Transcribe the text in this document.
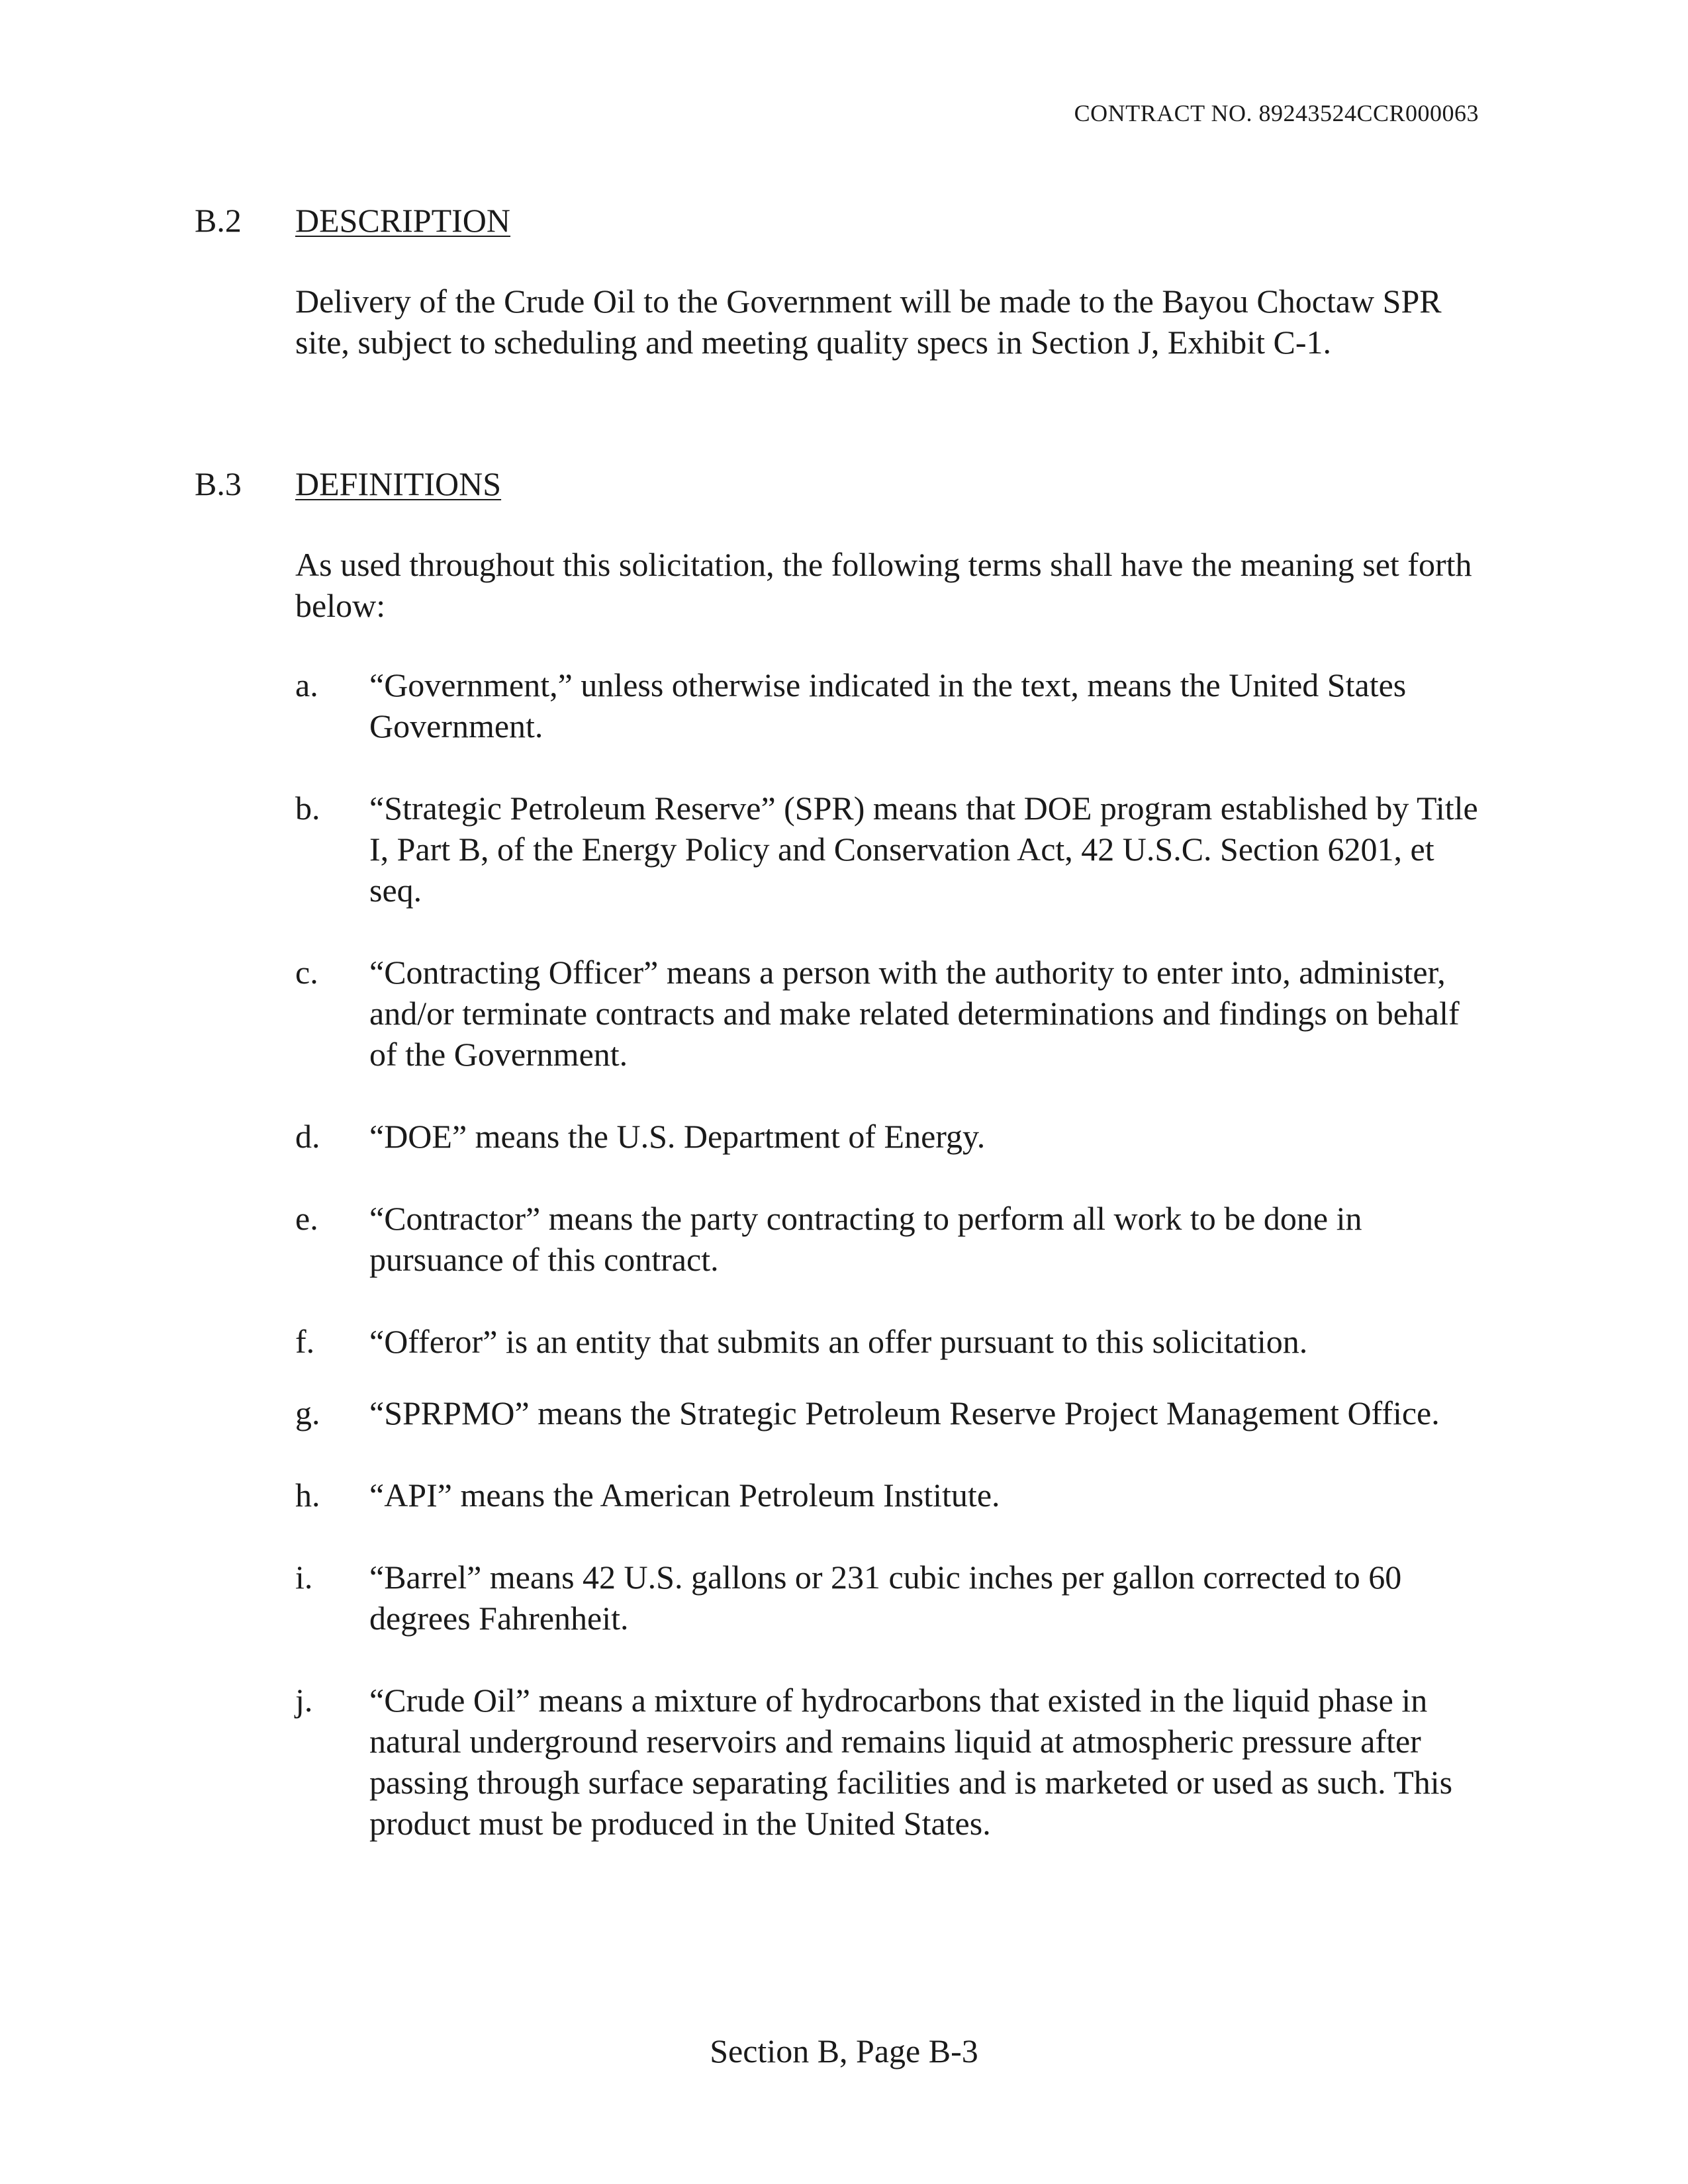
CONTRACT NO. 89243524CCR000063
B.2 DESCRIPTION
Delivery of the Crude Oil to the Government will be made to the Bayou Choctaw SPR site, subject to scheduling and meeting quality specs in Section J, Exhibit C-1.
B.3 DEFINITIONS
As used throughout this solicitation, the following terms shall have the meaning set forth below:
a. “Government,” unless otherwise indicated in the text, means the United States Government.
b. “Strategic Petroleum Reserve” (SPR) means that DOE program established by Title I, Part B, of the Energy Policy and Conservation Act, 42 U.S.C. Section 6201, et seq.
c. “Contracting Officer” means a person with the authority to enter into, administer, and/or terminate contracts and make related determinations and findings on behalf of the Government.
d. “DOE” means the U.S. Department of Energy.
e. “Contractor” means the party contracting to perform all work to be done in pursuance of this contract.
f. “Offeror” is an entity that submits an offer pursuant to this solicitation.
g. “SPRPMO” means the Strategic Petroleum Reserve Project Management Office.
h. “API” means the American Petroleum Institute.
i. “Barrel” means 42 U.S. gallons or 231 cubic inches per gallon corrected to 60 degrees Fahrenheit.
j. “Crude Oil” means a mixture of hydrocarbons that existed in the liquid phase in natural underground reservoirs and remains liquid at atmospheric pressure after passing through surface separating facilities and is marketed or used as such. This product must be produced in the United States.
Section B, Page B-3
